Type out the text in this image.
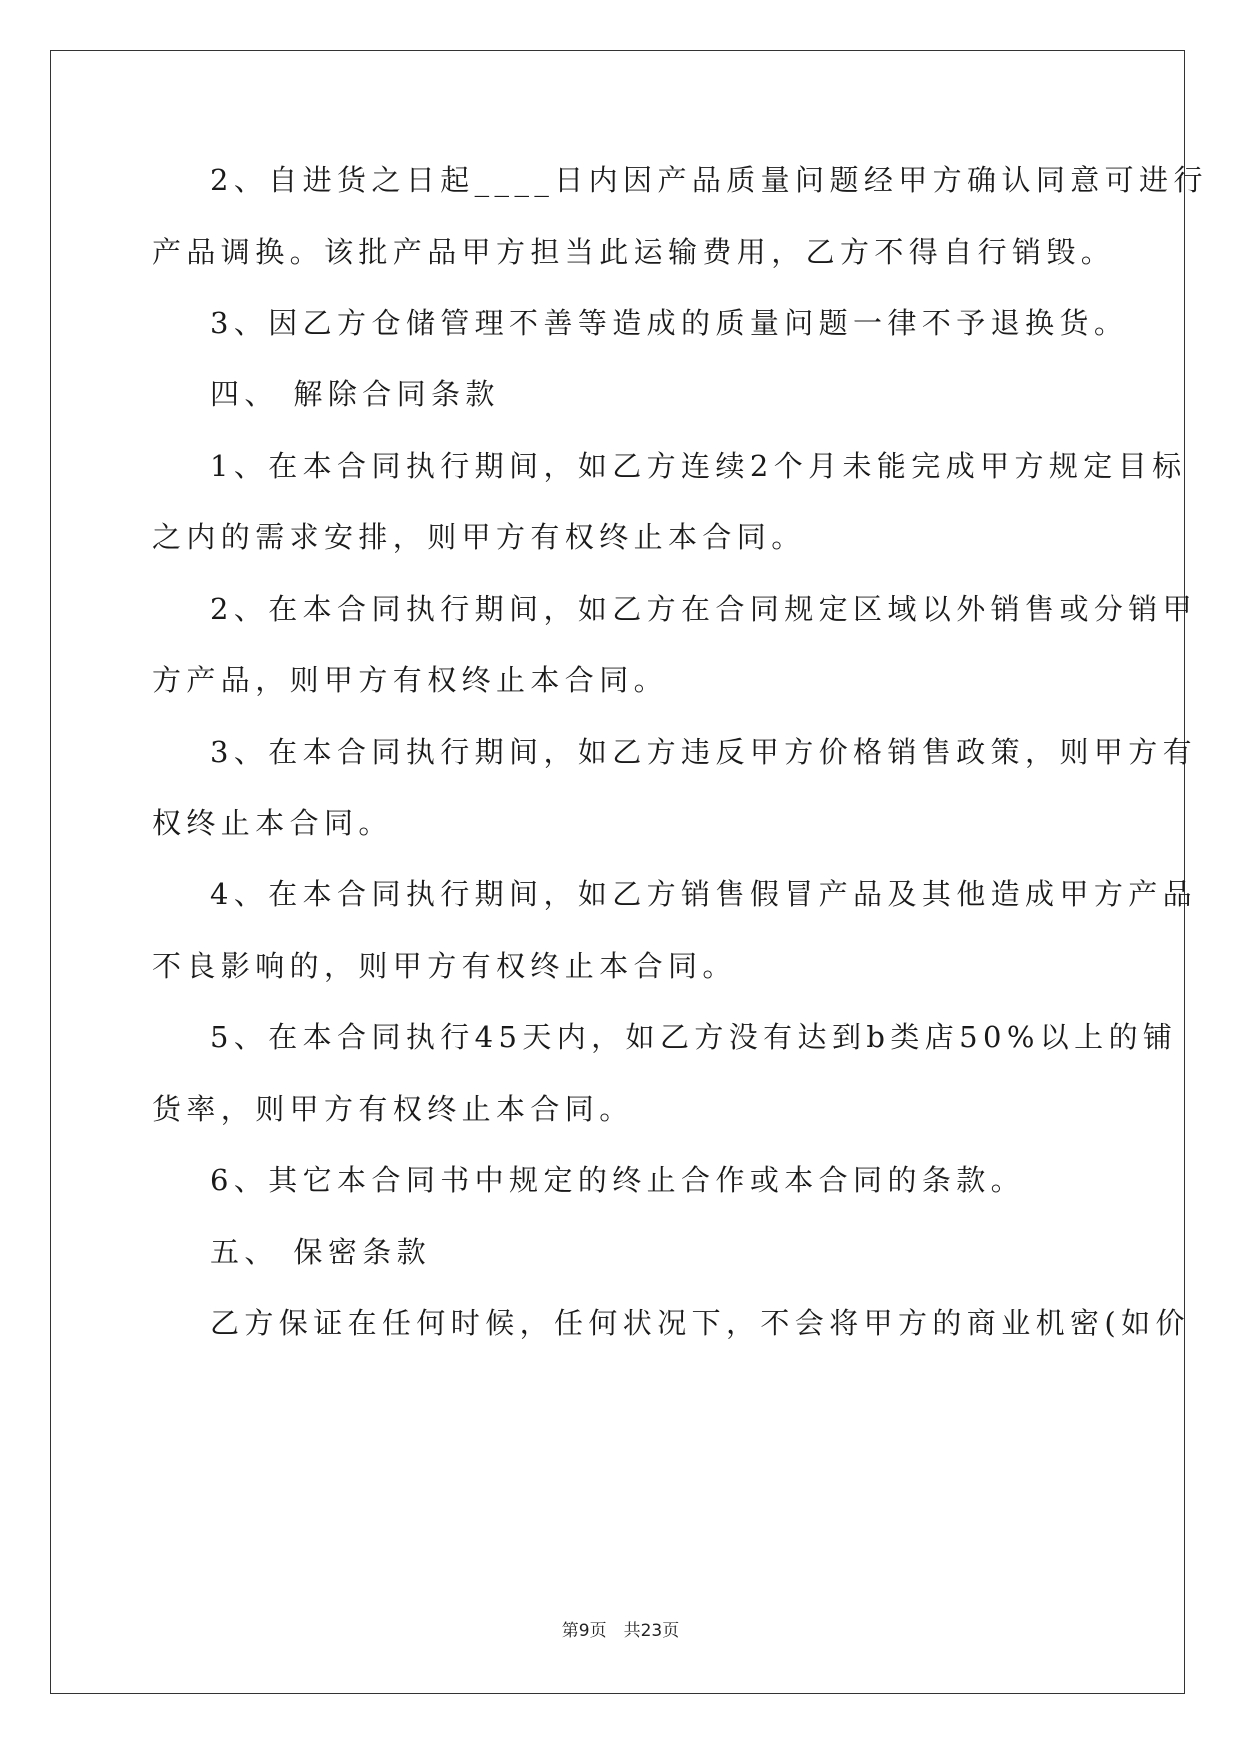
2、自进货之日起____日内因产品质量问题经甲方确认同意可进行
产品调换。该批产品甲方担当此运输费用，乙方不得自行销毁。
3、因乙方仓储管理不善等造成的质量问题一律不予退换货。
四、 解除合同条款
1、在本合同执行期间，如乙方连续2个月未能完成甲方规定目标
之内的需求安排，则甲方有权终止本合同。
2、在本合同执行期间，如乙方在合同规定区域以外销售或分销甲
方产品，则甲方有权终止本合同。
3、在本合同执行期间，如乙方违反甲方价格销售政策，则甲方有
权终止本合同。
4、在本合同执行期间，如乙方销售假冒产品及其他造成甲方产品
不良影响的，则甲方有权终止本合同。
5、在本合同执行45天内，如乙方没有达到b类店50%以上的铺
货率，则甲方有权终止本合同。
6、其它本合同书中规定的终止合作或本合同的条款。
五、 保密条款
乙方保证在任何时候，任何状况下，不会将甲方的商业机密(如价
第9页　共23页
